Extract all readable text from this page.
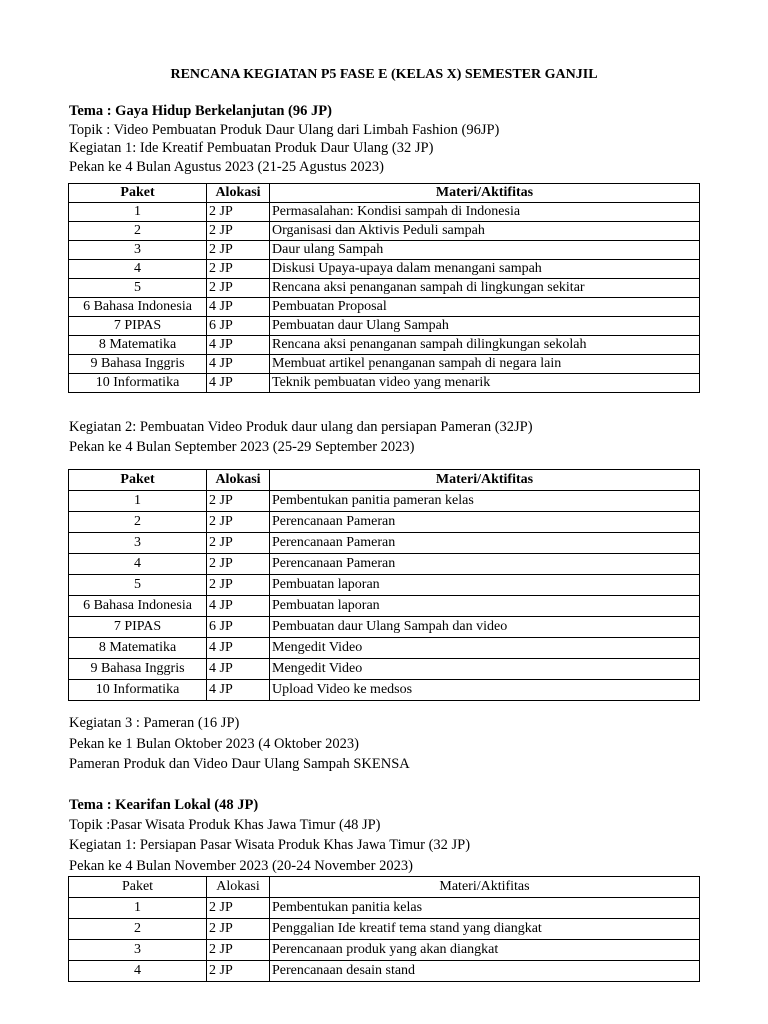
RENCANA KEGIATAN P5 FASE E (KELAS X) SEMESTER GANJIL
Tema : Gaya Hidup Berkelanjutan (96 JP)
Topik : Video Pembuatan Produk Daur Ulang dari Limbah Fashion (96JP)
Kegiatan 1: Ide Kreatif Pembuatan Produk Daur Ulang (32 JP)
Pekan ke 4 Bulan Agustus 2023 (21-25 Agustus 2023)
Paket	Alokasi	Materi/Aktifitas
1	2 JP	Permasalahan: Kondisi sampah di Indonesia
2	2 JP	Organisasi dan Aktivis Peduli sampah
3	2 JP	Daur ulang Sampah
4	2 JP	Diskusi Upaya-upaya dalam menangani sampah
5	2 JP	Rencana aksi penanganan sampah di lingkungan sekitar
6 Bahasa Indonesia	4 JP	Pembuatan Proposal
7 PIPAS	6 JP	Pembuatan daur Ulang Sampah
8 Matematika	4 JP	Rencana aksi penanganan sampah dilingkungan sekolah
9 Bahasa Inggris	4 JP	Membuat artikel penanganan sampah di negara lain
10 Informatika	4 JP	Teknik pembuatan video yang menarik
Kegiatan 2: Pembuatan Video Produk daur ulang dan persiapan Pameran (32JP)
Pekan ke 4 Bulan September 2023 (25-29 September 2023)
Paket	Alokasi	Materi/Aktifitas
1	2 JP	Pembentukan panitia pameran kelas
2	2 JP	Perencanaan Pameran
3	2 JP	Perencanaan Pameran
4	2 JP	Perencanaan Pameran
5	2 JP	Pembuatan laporan
6 Bahasa Indonesia	4 JP	Pembuatan laporan
7 PIPAS	6 JP	Pembuatan daur Ulang Sampah dan video
8 Matematika	4 JP	Mengedit Video
9 Bahasa Inggris	4 JP	Mengedit Video
10 Informatika	4 JP	Upload Video ke medsos
Kegiatan 3 : Pameran (16 JP)
Pekan ke 1 Bulan Oktober 2023 (4 Oktober 2023)
Pameran Produk dan Video Daur Ulang Sampah SKENSA
Tema : Kearifan Lokal (48 JP)
Topik :Pasar Wisata Produk Khas Jawa Timur (48 JP)
Kegiatan 1: Persiapan Pasar Wisata Produk Khas Jawa Timur (32 JP)
Pekan ke 4 Bulan November 2023 (20-24 November 2023)
Paket	Alokasi	Materi/Aktifitas
1	2 JP	Pembentukan panitia kelas
2	2 JP	Penggalian Ide kreatif tema stand yang diangkat
3	2 JP	Perencanaan produk yang akan diangkat
4	2 JP	Perencanaan desain stand
